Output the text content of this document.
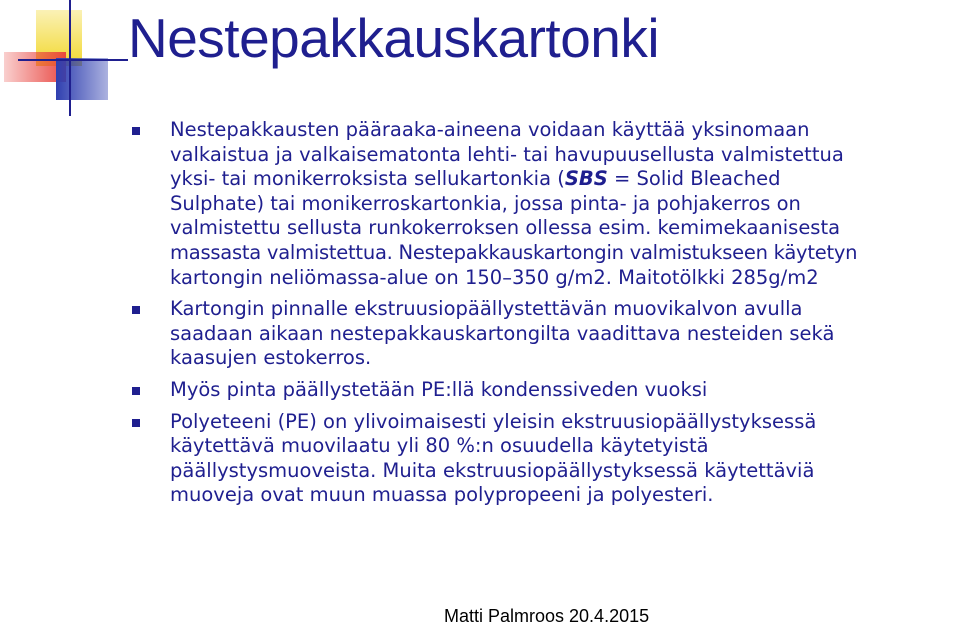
Nestepakkauskartonki
Nestepakkausten pääraaka-aineena voidaan käyttää yksinomaan
valkaistua ja valkaisematonta lehti- tai havupuusellusta valmistettua
yksi- tai monikerroksista sellukartonkia (SBS = Solid Bleached
Sulphate) tai monikerroskartonkia, jossa pinta- ja pohjakerros on
valmistettu sellusta runkokerroksen ollessa esim. kemimekaanisesta
massasta valmistettua. Nestepakkauskartongin valmistukseen käytetyn
kartongin neliömassa-alue on 150–350 g/m2. Maitotölkki 285g/m2
Kartongin pinnalle ekstruusiopäällystettävän muovikalvon avulla
saadaan aikaan nestepakkauskartongilta vaadittava nesteiden sekä
kaasujen estokerros.
Myös pinta päällystetään PE:llä kondenssiveden vuoksi
Polyeteeni (PE) on ylivoimaisesti yleisin ekstruusiopäällystyksessä
käytettävä muovilaatu yli 80 %:n osuudella käytetyistä
päällystysmuoveista. Muita ekstruusiopäällystyksessä käytettäviä
muoveja ovat muun muassa polypropeeni ja polyesteri.
Matti Palmroos 20.4.2015
